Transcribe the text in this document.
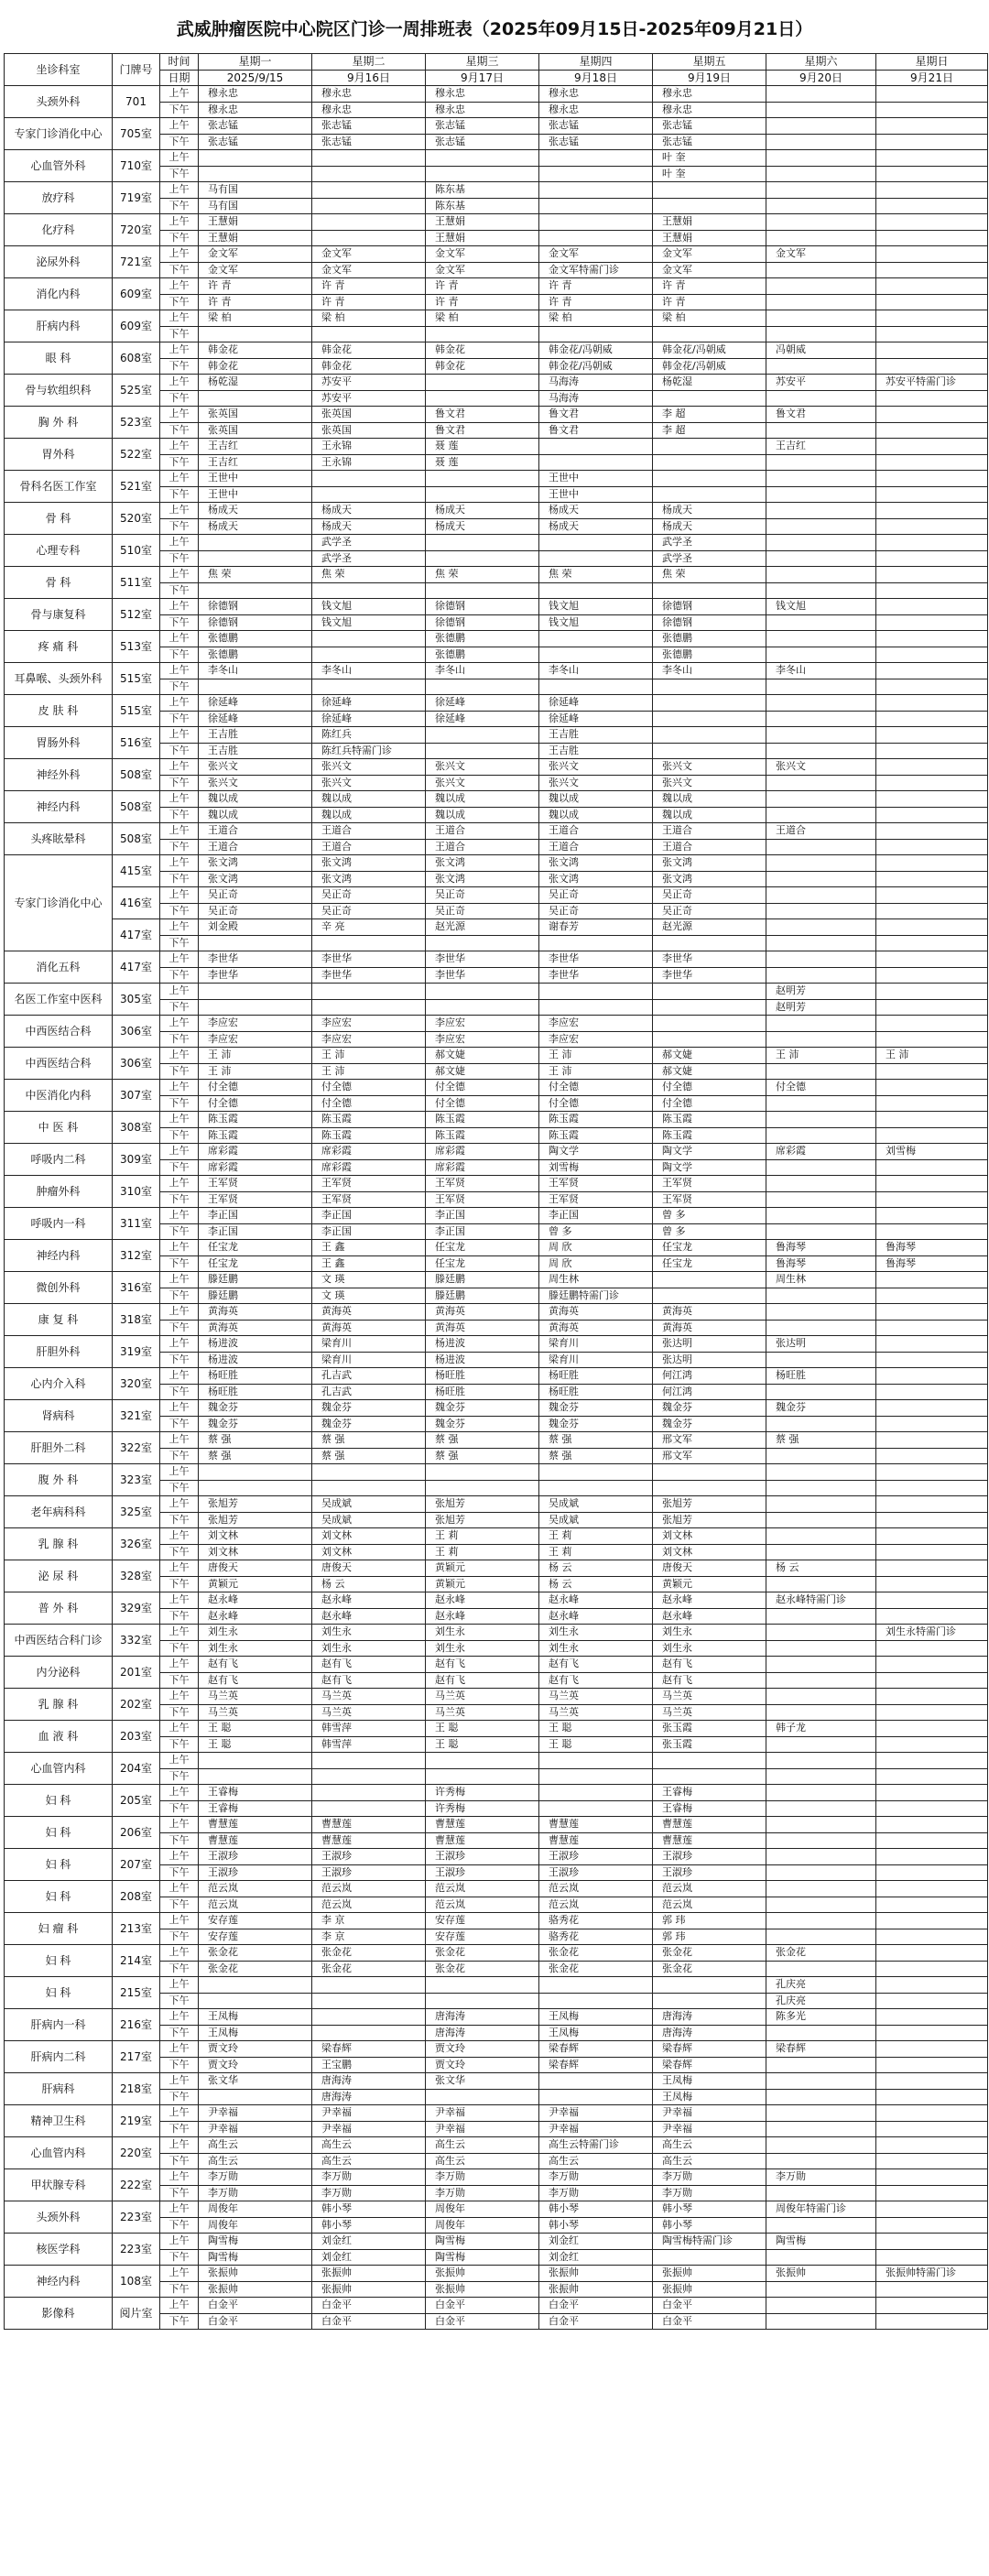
武威肿瘤医院中心院区门诊一周排班表（2025年09月15日-2025年09月21日）
坐诊科室	门牌号	时间	星期一	星期二	星期三	星期四	星期五	星期六	星期日
		日期	2025/9/15	9月16日	9月17日	9月18日	9月19日	9月20日	9月21日
头颈外科	701	上午	穆永忠	穆永忠	穆永忠	穆永忠	穆永忠		
		下午	穆永忠	穆永忠	穆永忠	穆永忠	穆永忠		
专家门诊消化中心	705室	上午	张志锰	张志锰	张志锰	张志锰	张志锰		
		下午	张志锰	张志锰	张志锰	张志锰	张志锰		
心血管外科	710室	上午					叶 奎		
		下午					叶 奎		
放疗科	719室	上午	马有国		陈东基				
		下午	马有国		陈东基				
化疗科	720室	上午	王慧娟		王慧娟		王慧娟		
		下午	王慧娟		王慧娟		王慧娟		
泌尿外科	721室	上午	金文军	金文军	金文军	金文军	金文军	金文军	
		下午	金文军	金文军	金文军	金文军特需门诊	金文军		
消化内科	609室	上午	许 青	许 青	许 青	许 青	许 青		
		下午	许 青	许 青	许 青	许 青	许 青		
肝病内科	609室	上午	梁 柏	梁 柏	梁 柏	梁 柏	梁 柏		
		下午							
眼 科	608室	上午	韩金花	韩金花	韩金花	韩金花/冯朝威	韩金花/冯朝威	冯朝威	
		下午	韩金花	韩金花	韩金花	韩金花/冯朝威	韩金花/冯朝威		
骨与软组织科	525室	上午	杨乾湿	苏安平		马海涛	杨乾湿	苏安平	苏安平特需门诊
		下午		苏安平		马海涛			
胸 外 科	523室	上午	张英国	张英国	鲁文君	鲁文君	李 超	鲁文君	
		下午	张英国	张英国	鲁文君	鲁文君	李 超		
胃外科	522室	上午	王吉红	王永锦	聂 莲			王吉红	
		下午	王吉红	王永锦	聂 莲				
骨科名医工作室	521室	上午	王世中			王世中			
		下午	王世中			王世中			
骨 科	520室	上午	杨成天	杨成天	杨成天	杨成天	杨成天		
		下午	杨成天	杨成天	杨成天	杨成天	杨成天		
心理专科	510室	上午		武学圣			武学圣		
		下午		武学圣			武学圣		
骨 科	511室	上午	焦 荣	焦 荣	焦 荣	焦 荣	焦 荣		
		下午							
骨与康复科	512室	上午	徐德钢	钱文旭	徐德钢	钱文旭	徐德钢	钱文旭	
		下午	徐德钢	钱文旭	徐德钢	钱文旭	徐德钢		
疼 痛 科	513室	上午	张德鹏		张德鹏		张德鹏		
		下午	张德鹏		张德鹏		张德鹏		
耳鼻喉、头颈外科	515室	上午	李冬山	李冬山	李冬山	李冬山	李冬山	李冬山	
		下午							
皮 肤 科	515室	上午	徐延峰	徐延峰	徐延峰	徐延峰			
		下午	徐延峰	徐延峰	徐延峰	徐延峰			
胃肠外科	516室	上午	王吉胜	陈红兵		王吉胜			
		下午	王吉胜	陈红兵特需门诊		王吉胜			
神经外科	508室	上午	张兴文	张兴文	张兴文	张兴文	张兴文	张兴文	
		下午	张兴文	张兴文	张兴文	张兴文	张兴文		
神经内科	508室	上午	魏以成	魏以成	魏以成	魏以成	魏以成		
		下午	魏以成	魏以成	魏以成	魏以成	魏以成		
头疼眩晕科	508室	上午	王道合	王道合	王道合	王道合	王道合	王道合	
		下午	王道合	王道合	王道合	王道合	王道合		
专家门诊消化中心	415室	上午	张文鸿	张文鸿	张文鸿	张文鸿	张文鸿		
		下午	张文鸿	张文鸿	张文鸿	张文鸿	张文鸿		
	416室	上午	吴正奇	吴正奇	吴正奇	吴正奇	吴正奇		
		下午	吴正奇	吴正奇	吴正奇	吴正奇	吴正奇		
	417室	上午	刘金殿	辛 亮	赵光源	谢春芳	赵光源		
		下午							
消化五科	417室	上午	李世华	李世华	李世华	李世华	李世华		
		下午	李世华	李世华	李世华	李世华	李世华		
名医工作室中医科	305室	上午						赵明芳	
		下午						赵明芳	
中西医结合科	306室	上午	李应宏	李应宏	李应宏	李应宏			
		下午	李应宏	李应宏	李应宏	李应宏			
中西医结合科	306室	上午	王 沛	王 沛	郝文婕	王 沛	郝文婕	王 沛	王 沛
		下午	王 沛	王 沛	郝文婕	王 沛	郝文婕		
中医消化内科	307室	上午	付全德	付全德	付全德	付全德	付全德	付全德	
		下午	付全德	付全德	付全德	付全德	付全德		
中 医 科	308室	上午	陈玉霞	陈玉霞	陈玉霞	陈玉霞	陈玉霞		
		下午	陈玉霞	陈玉霞	陈玉霞	陈玉霞	陈玉霞		
呼吸内二科	309室	上午	席彩霞	席彩霞	席彩霞	陶文学	陶文学	席彩霞	刘雪梅
		下午	席彩霞	席彩霞	席彩霞	刘雪梅	陶文学		
肿瘤外科	310室	上午	王军贤	王军贤	王军贤	王军贤	王军贤		
		下午	王军贤	王军贤	王军贤	王军贤	王军贤		
呼吸内一科	311室	上午	李正国	李正国	李正国	李正国	曾 多		
		下午	李正国	李正国	李正国	曾 多	曾 多		
神经内科	312室	上午	任宝龙	王 鑫	任宝龙	周 欣	任宝龙	鲁海琴	鲁海琴
		下午	任宝龙	王 鑫	任宝龙	周 欣	任宝龙	鲁海琴	鲁海琴
微创外科	316室	上午	滕廷鹏	文 瑛	滕廷鹏	周生林		周生林	
		下午	滕廷鹏	文 瑛	滕廷鹏	滕廷鹏特需门诊			
康 复 科	318室	上午	黄海英	黄海英	黄海英	黄海英	黄海英		
		下午	黄海英	黄海英	黄海英	黄海英	黄海英		
肝胆外科	319室	上午	杨进波	梁育川	杨进波	梁育川	张达明	张达明	
		下午	杨进波	梁育川	杨进波	梁育川	张达明		
心内介入科	320室	上午	杨旺胜	孔吉武	杨旺胜	杨旺胜	何江鸿	杨旺胜	
		下午	杨旺胜	孔吉武	杨旺胜	杨旺胜	何江鸿		
肾病科	321室	上午	魏金芬	魏金芬	魏金芬	魏金芬	魏金芬	魏金芬	
		下午	魏金芬	魏金芬	魏金芬	魏金芬	魏金芬		
肝胆外二科	322室	上午	蔡 强	蔡 强	蔡 强	蔡 强	邢文军	蔡 强	
		下午	蔡 强	蔡 强	蔡 强	蔡 强	邢文军		
腹 外 科	323室	上午							
		下午							
老年病科科	325室	上午	张旭芳	吴成斌	张旭芳	吴成斌	张旭芳		
		下午	张旭芳	吴成斌	张旭芳	吴成斌	张旭芳		
乳 腺 科	326室	上午	刘文林	刘文林	王 莉	王 莉	刘文林		
		下午	刘文林	刘文林	王 莉	王 莉	刘文林		
泌 尿 科	328室	上午	唐俊天	唐俊天	黄颖元	杨 云	唐俊天	杨 云	
		下午	黄颖元	杨 云	黄颖元	杨 云	黄颖元		
普 外 科	329室	上午	赵永峰	赵永峰	赵永峰	赵永峰	赵永峰	赵永峰特需门诊	
		下午	赵永峰	赵永峰	赵永峰	赵永峰	赵永峰		
中西医结合科门诊	332室	上午	刘生永	刘生永	刘生永	刘生永	刘生永		刘生永特需门诊
		下午	刘生永	刘生永	刘生永	刘生永	刘生永		
内分泌科	201室	上午	赵有飞	赵有飞	赵有飞	赵有飞	赵有飞		
		下午	赵有飞	赵有飞	赵有飞	赵有飞	赵有飞		
乳 腺 科	202室	上午	马兰英	马兰英	马兰英	马兰英	马兰英		
		下午	马兰英	马兰英	马兰英	马兰英	马兰英		
血 液 科	203室	上午	王 聪	韩雪萍	王 聪	王 聪	张玉霞	韩子龙	
		下午	王 聪	韩雪萍	王 聪	王 聪	张玉霞		
心血管内科	204室	上午							
		下午							
妇 科	205室	上午	王睿梅		许秀梅		王睿梅		
		下午	王睿梅		许秀梅		王睿梅		
妇 科	206室	上午	曹慧莲	曹慧莲	曹慧莲	曹慧莲	曹慧莲		
		下午	曹慧莲	曹慧莲	曹慧莲	曹慧莲	曹慧莲		
妇 科	207室	上午	王淑珍	王淑珍	王淑珍	王淑珍	王淑珍		
		下午	王淑珍	王淑珍	王淑珍	王淑珍	王淑珍		
妇 科	208室	上午	范云岚	范云岚	范云岚	范云岚	范云岚		
		下午	范云岚	范云岚	范云岚	范云岚	范云岚		
妇 瘤 科	213室	上午	安存莲	李 京	安存莲	骆秀花	郭 玮		
		下午	安存莲	李 京	安存莲	骆秀花	郭 玮		
妇 科	214室	上午	张金花	张金花	张金花	张金花	张金花	张金花	
		下午	张金花	张金花	张金花	张金花	张金花		
妇 科	215室	上午						孔庆亮	
		下午						孔庆亮	
肝病内一科	216室	上午	王凤梅		唐海涛	王凤梅	唐海涛	陈多光	
		下午	王凤梅		唐海涛	王凤梅	唐海涛		
肝病内二科	217室	上午	贾文玲	梁春辉	贾文玲	梁春辉	梁春辉	梁春辉	
		下午	贾文玲	王宝鹏	贾文玲	梁春辉	梁春辉		
肝病科	218室	上午	张文华	唐海涛	张文华		王凤梅		
		下午		唐海涛			王凤梅		
精神卫生科	219室	上午	尹幸福	尹幸福	尹幸福	尹幸福	尹幸福		
		下午	尹幸福	尹幸福	尹幸福	尹幸福	尹幸福		
心血管内科	220室	上午	高生云	高生云	高生云	高生云特需门诊	高生云		
		下午	高生云	高生云	高生云	高生云	高生云		
甲状腺专科	222室	上午	李万勋	李万勋	李万勋	李万勋	李万勋	李万勋	
		下午	李万勋	李万勋	李万勋	李万勋	李万勋		
头颈外科	223室	上午	周俊年	韩小琴	周俊年	韩小琴	韩小琴	周俊年特需门诊	
		下午	周俊年	韩小琴	周俊年	韩小琴	韩小琴		
核医学科	223室	上午	陶雪梅	刘金红	陶雪梅	刘金红	陶雪梅特需门诊	陶雪梅	
		下午	陶雪梅	刘金红	陶雪梅	刘金红			
神经内科	108室	上午	张振帅	张振帅	张振帅	张振帅	张振帅	张振帅	张振帅特需门诊
		下午	张振帅	张振帅	张振帅	张振帅	张振帅		
影像科	阅片室	上午	白金平	白金平	白金平	白金平	白金平		
		下午	白金平	白金平	白金平	白金平	白金平		
